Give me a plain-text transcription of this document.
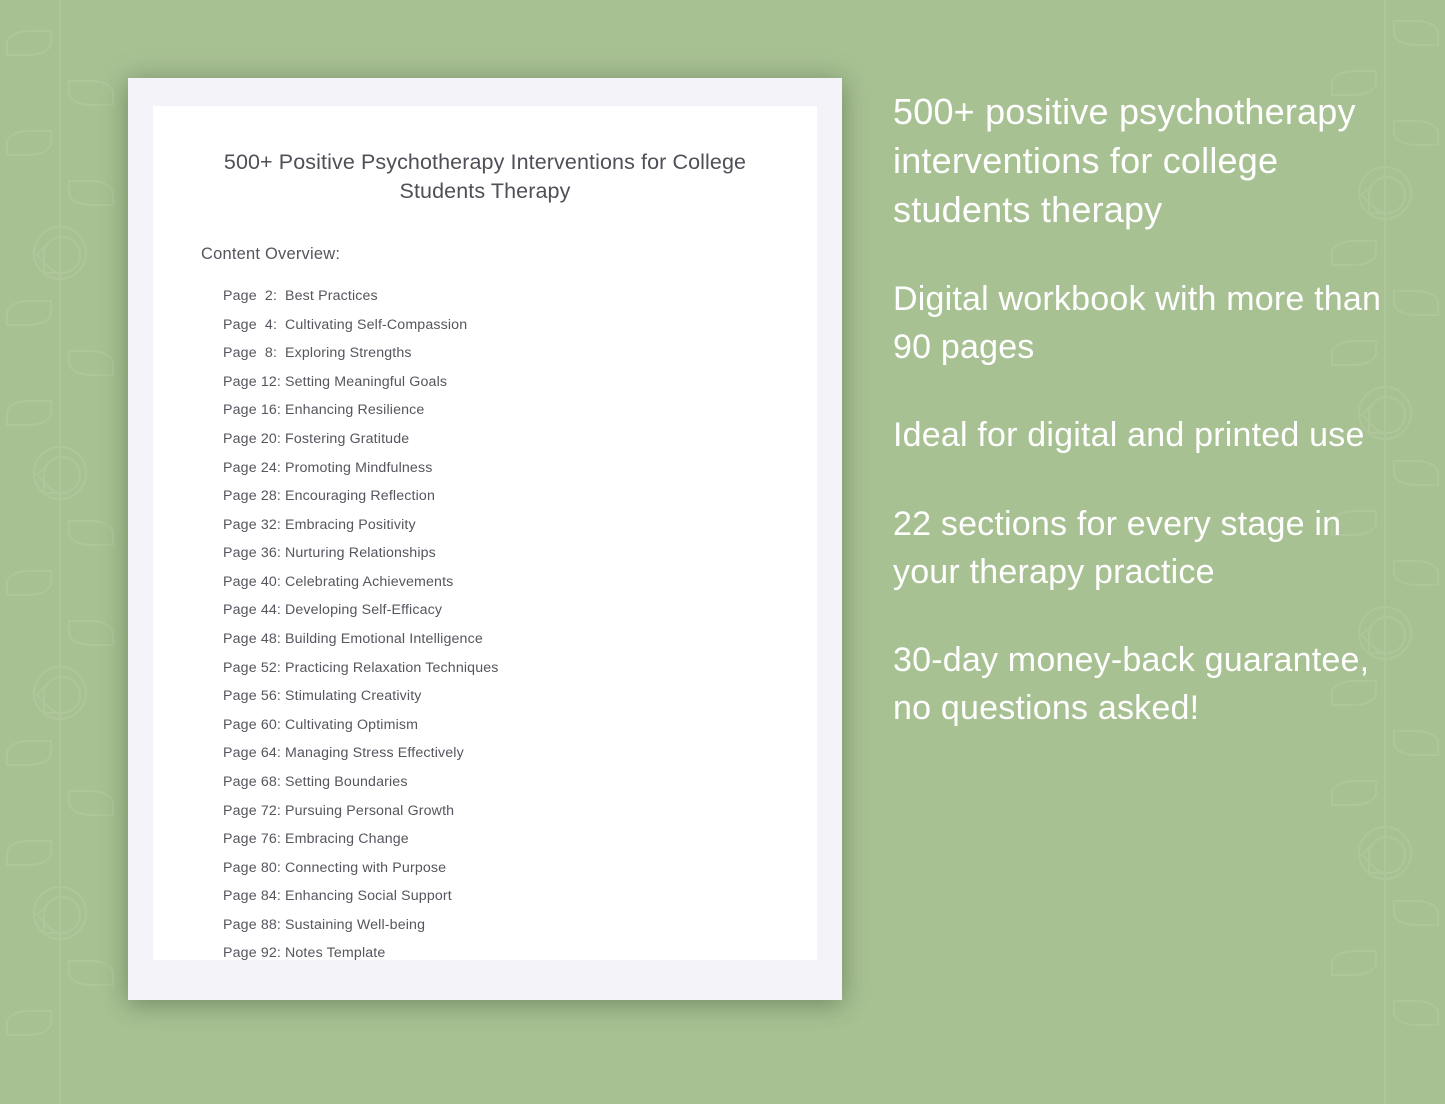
500+ Positive Psychotherapy Interventions for College Students Therapy
Content Overview:
Page  2: Best Practices
Page  4: Cultivating Self-Compassion
Page  8: Exploring Strengths
Page 12: Setting Meaningful Goals
Page 16: Enhancing Resilience
Page 20: Fostering Gratitude
Page 24: Promoting Mindfulness
Page 28: Encouraging Reflection
Page 32: Embracing Positivity
Page 36: Nurturing Relationships
Page 40: Celebrating Achievements
Page 44: Developing Self-Efficacy
Page 48: Building Emotional Intelligence
Page 52: Practicing Relaxation Techniques
Page 56: Stimulating Creativity
Page 60: Cultivating Optimism
Page 64: Managing Stress Effectively
Page 68: Setting Boundaries
Page 72: Pursuing Personal Growth
Page 76: Embracing Change
Page 80: Connecting with Purpose
Page 84: Enhancing Social Support
Page 88: Sustaining Well-being
Page 92: Notes Template
500+ positive psychotherapy interventions for college students therapy
Digital workbook with more than 90 pages
Ideal for digital and printed use
22 sections for every stage in your therapy practice
30-day money-back guarantee, no questions asked!
